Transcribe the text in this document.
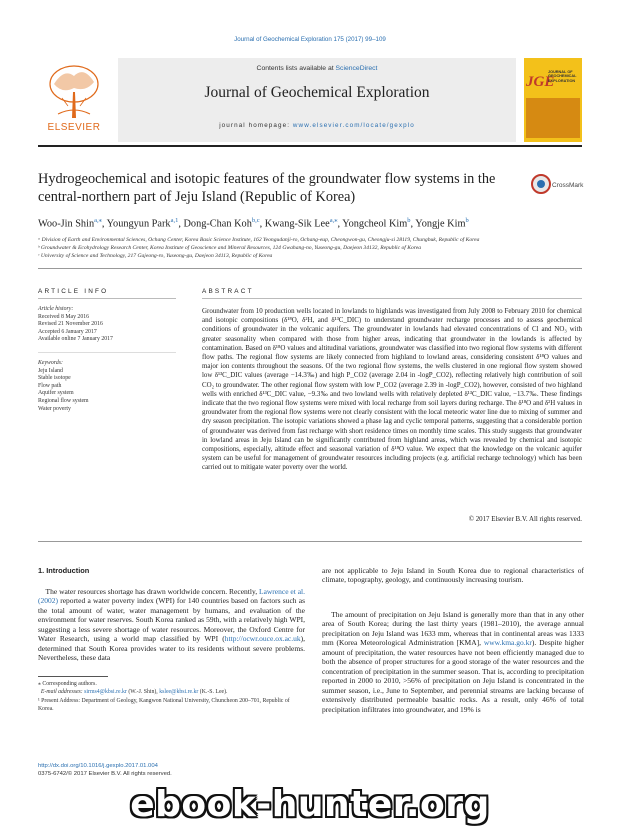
Journal of Geochemical Exploration 175 (2017) 99–109
ELSEVIER
Contents lists available at ScienceDirect
Journal of Geochemical Exploration
journal homepage: www.elsevier.com/locate/gexplo
JGE
JOURNAL OF GEOCHEMICAL EXPLORATION
Hydrogeochemical and isotopic features of the groundwater flow systems in the central-northern part of Jeju Island (Republic of Korea)
CrossMark
Woo-Jin Shin$^{a,⁎}$, Youngyun Park$^{a,1}$, Dong-Chan Koh$^{b,c}$, Kwang-Sik Lee$^{a,⁎}$, Yongcheol Kim$^b$, Yongje Kim$^b$
ᵃ Division of Earth and Environmental Sciences, Ochang Center, Korea Basic Science Institute, 162 Yeongudanji-ro, Ochang-eup, Cheongwon-gu, Cheongju-si 28119, Chungbuk, Republic of Korea
ᵇ Groundwater & Ecohydrology Research Center, Korea Institute of Geoscience and Mineral Resources, 124 Gwahang-no, Yuseong-gu, Daejeon 34132, Republic of Korea
ᶜ University of Science and Technology, 217 Gajeong-ro, Yuseong-gu, Daejeon 34113, Republic of Korea
ARTICLE INFO	ABSTRACT
Article history:
Received 8 May 2016
Revised 21 November 2016
Accepted 6 January 2017
Available online 7 January 2017
Keywords:
Jeju Island
Stable isotope
Flow path
Aquifer system
Regional flow system
Water poverty
Groundwater from 10 production wells located in lowlands to highlands was investigated from July 2008 to February 2010 for chemical and isotopic compositions (δ¹⁸O, δ²H, and δ¹³C_DIC) to understand groundwater recharge processes and to assess geochemical conditions of groundwater in the volcanic aquifers. The groundwater in lowlands had elevated concentrations of Cl and NO₃ with greater seasonality when compared with those from higher areas, indicating that groundwater in the lowlands is affected by contamination. Based on δ¹⁸O values and altitudinal variations, groundwater was classified into two regional flow systems with different flow paths. The regional flow systems are likely connected from highland to lowland areas, considering consistent δ¹⁸O values and major ion contents throughout the seasons. Of the two regional flow systems, the wells clustered in one regional flow system showed low δ¹³C_DIC values (average −14.3‰) and high P_CO2 (average 2.04 in -logP_CO2), reflecting relatively high contribution of soil CO₂ to groundwater. The other regional flow system with low P_CO2 (average 2.39 in -logP_CO2), however, consisted of two highland wells with enriched δ¹³C_DIC value, −9.3‰ and two lowland wells with relatively depleted δ¹³C_DIC value, −13.7‰. These findings indicate that the two regional flow systems were mixed with local recharge from soil layers during recharge. The δ¹⁸O and δ²H values in groundwater from the regional flow systems were not clearly consistent with the local meteoric water line due to mixing of summer and dry season precipitation. The isotopic variations showed a phase lag and cyclic temporal patterns, suggesting that a considerable portion of groundwater was derived from fast recharge with short residence times on monthly time scales. This study suggests that groundwater in lowland areas in Jeju Island can be significantly contributed from highland areas, which was revealed by chemical and isotopic compositions, especially, altitude effect and seasonal variation of δ¹⁸O value. We expect that the knowledge on the volcanic aquifer system can be useful for management of groundwater resources including projects (e.g. artificial recharge technology) which has been carried out to mitigate water poverty over the world.
© 2017 Elsevier B.V. All rights reserved.
1. Introduction
The water resources shortage has drawn worldwide concern. Recently, Lawrence et al. (2002) reported a water poverty index (WPI) for 140 countries based on factors such as the total amount of water, water management by humans, and evaluation of the environment for water reserves. South Korea ranked as 59th, with a relatively high WPI, suggesting a less severe shortage of water resources. Moreover, the Oxford Centre for Water Research, using a world map classified by WPI (http://ocwr.ouce.ox.ac.uk), determined that South Korea provides water to its residents without severe problems. Nevertheless, these data
are not applicable to Jeju Island in South Korea due to regional characteristics of climate, topography, geology, and continuously increasing tourism.
The amount of precipitation on Jeju Island is generally more than that in any other area of South Korea; during the last thirty years (1981–2010), the average annual precipitation on Jeju Island was 1633 mm, whereas that in continental areas was 1333 mm (Korea Meteorological Administration [KMA], www.kma.go.kr). Despite higher amount of precipitation, the water resources have not been efficiently managed due to both the absence of proper structures for a good storage of the water resources and the concentration of precipitation in the summer season. That is, according to precipitation reported in 2000 to 2010, >56% of precipitation on Jeju Island is concentrated in the summer season, i.e., June to September, and perennial streams are lacking because of extensively distributed permeable basaltic rocks. As a result, only 46% of total precipitation infiltrates into groundwater, and 19% is
⁎ Corresponding authors.
E-mail addresses: sirms4@kbsi.re.kr (W.-J. Shin), kslee@kbsi.re.kr (K.-S. Lee).
¹ Present Address: Department of Geology, Kangwon National University, Chuncheon 200–701, Republic of Korea.
http://dx.doi.org/10.1016/j.gexplo.2017.01.004
0375-6742/© 2017 Elsevier B.V. All rights reserved.
ebook-hunter.org
